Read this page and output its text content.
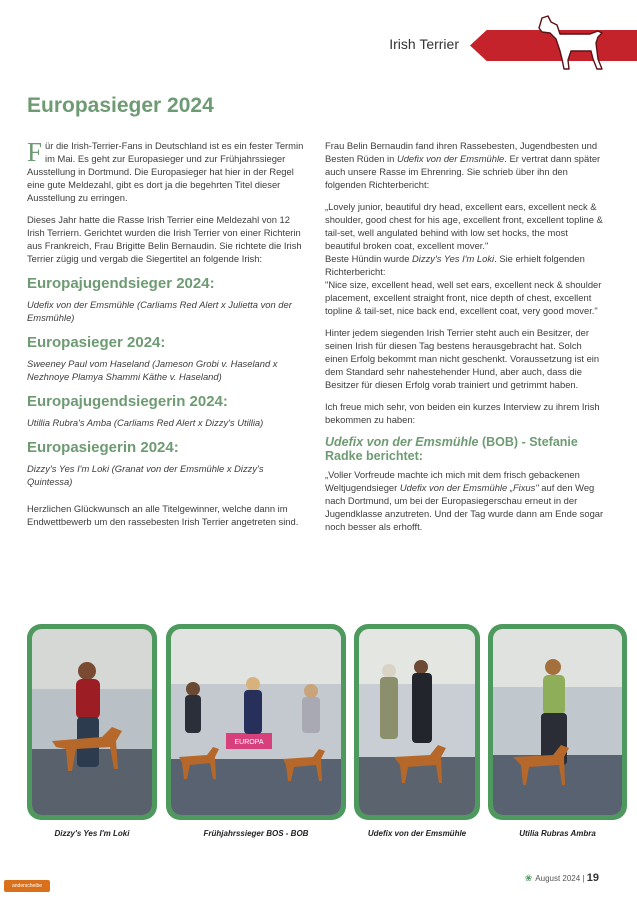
Irish Terrier
Europasieger 2024

Für die Irish-Terrier-Fans in Deutschland ist es ein fester Termin im Mai. Es geht zur Europasieger und zur Frühjahrssieger Ausstellung in Dortmund. Die Europasieger hat hier in der Regel eine gute Meldezahl, gibt es dort ja die begehrten Titel dieser Ausstellung zu erringen.

Dieses Jahr hatte die Rasse Irish Terrier eine Meldezahl von 12 Irish Terriern. Gerichtet wurden die Irish Terrier von einer Richterin aus Frankreich, Frau Brigitte Belin Bernaudin. Sie richtete die Irish Terrier zügig und vergab die Siegertitel an folgende Irish:

Europajugendsieger 2024:

Udefix von der Emsmühle (Carliams Red Alert x Julietta von der Emsmühle)

Europasieger 2024:

Sweeney Paul vom Haseland (Jameson Grobi v. Haseland x Nezhnoye Plamya Shammi Käthe v. Haseland)

Europajugendsiegerin 2024:

Utillia Rubra's Amba (Carliams Red Alert x Dizzy's Utillia)

Europasiegerin 2024:

Dizzy's Yes I'm Loki (Granat von der Emsmühle x Dizzy's Quintessa)

Herzlichen Glückwunsch an alle Titelgewinner, welche dann im Endwettbewerb um den rassebesten Irish Terrier angetreten sind.

Frau Belin Bernaudin fand ihren Rassebesten, Jugendbesten und Besten Rüden in Udefix von der Emsmühle. Er vertrat dann später auch unsere Rasse im Ehrenring. Sie schrieb über ihn den folgenden Richterbericht:

„Lovely junior, beautiful dry head, excellent ears, excellent neck & shoulder, good chest for his age, excellent front, excellent topline & tail-set, well angulated behind with low set hocks, the most beautiful broken coat, excellent mover."

Beste Hündin wurde Dizzy's Yes I'm Loki. Sie erhielt folgenden Richterbericht:

"Nice size, excellent head, well set ears, excellent neck & shoulder placement, excellent straight front, nice depth of chest, excellent topline & tail-set, nice back end, excellent coat, very good mover."

Hinter jedem siegenden Irish Terrier steht auch ein Besitzer, der seinen Irish für diesen Tag bestens herausgebracht hat. Solch einen Erfolg bekommt man nicht geschenkt. Voraussetzung ist ein dem Standard sehr nahestehender Hund, aber auch, dass die Besitzer für diesen Erfolg vorab trainiert und getrimmt haben.

Ich freue mich sehr, von beiden ein kurzes Interview zu ihrem Irish bekommen zu haben:

Udefix von der Emsmühle (BOB) - Stefanie Radke berichtet:

„Voller Vorfreude machte ich mich mit dem frisch gebackenen Weltjugendsieger Udefix von der Emsmühle „Fixus" auf den Weg nach Dortmund, um bei der Europasiegerschau erneut in der Jugendklasse anzutreten. Und der Tag wurde dann am Ende sogar noch besser als erhofft.

EUROPA
Dizzy's Yes I'm Loki	Frühjahrssieger BOS - BOB	Udefix von der Emsmühle	Utilia Rubras Ambra
anderscheibe
❀ August 2024 | 19
